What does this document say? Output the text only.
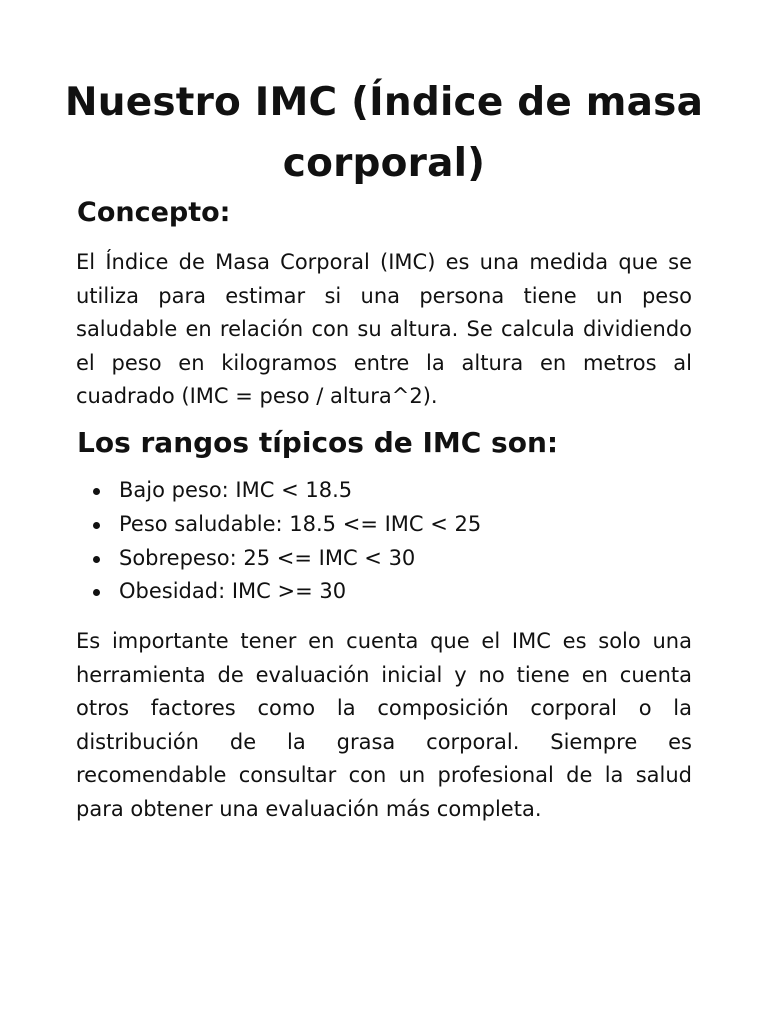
Nuestro IMC (Índice de masa corporal)
Concepto:

El Índice de Masa Corporal (IMC) es una medida que se utiliza para estimar si una persona tiene un peso saludable en relación con su altura. Se calcula dividiendo el peso en kilogramos entre la altura en metros al cuadrado (IMC = peso / altura^2).

Los rangos típicos de IMC son:
Bajo peso: IMC < 18.5
Peso saludable: 18.5 <= IMC < 25
Sobrepeso: 25 <= IMC < 30
Obesidad: IMC >= 30

Es importante tener en cuenta que el IMC es solo una herramienta de evaluación inicial y no tiene en cuenta otros factores como la composición corporal o la distribución de la grasa corporal. Siempre es recomendable consultar con un profesional de la salud para obtener una evaluación más completa.
